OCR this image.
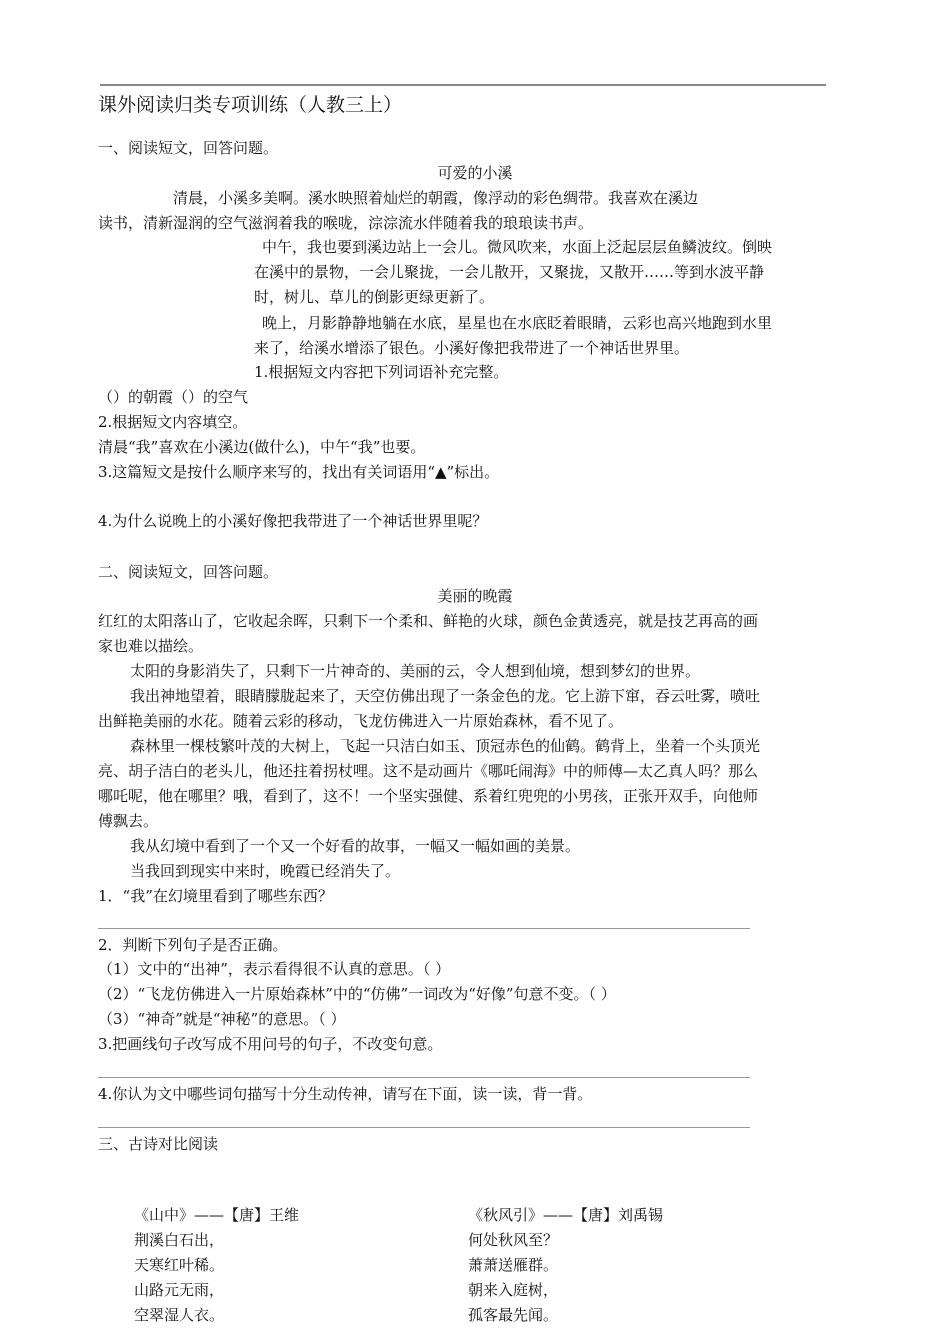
课外阅读归类专项训练（人教三上）
一、阅读短文，回答问题。
可爱的小溪
清晨，小溪多美啊。溪水映照着灿烂的朝霞，像浮动的彩色绸带。我喜欢在溪边
读书，清新湿润的空气滋润着我的喉咙，淙淙流水伴随着我的琅琅读书声。
中午，我也要到溪边站上一会儿。微风吹来，水面上泛起层层鱼鳞波纹。倒映
在溪中的景物，一会儿聚拢，一会儿散开，又聚拢，又散开……等到水波平静
时，树儿、草儿的倒影更绿更新了。
晚上，月影静静地躺在水底，星星也在水底眨着眼睛，云彩也高兴地跑到水里
来了，给溪水增添了银色。小溪好像把我带进了一个神话世界里。
1.根据短文内容把下列词语补充完整。
（）的朝霞（）的空气
2.根据短文内容填空。
清晨“我”喜欢在小溪边(做什么)，中午“我”也要。
3.这篇短文是按什么顺序来写的，找出有关词语用“▲”标出。
4.为什么说晚上的小溪好像把我带进了一个神话世界里呢？
二、阅读短文，回答问题。
美丽的晚霞
红红的太阳落山了，它收起余晖，只剩下一个柔和、鲜艳的火球，颜色金黄透亮，就是技艺再高的画
家也难以描绘。
太阳的身影消失了，只剩下一片神奇的、美丽的云，令人想到仙境，想到梦幻的世界。
我出神地望着，眼睛朦胧起来了，天空仿佛出现了一条金色的龙。它上游下窜，吞云吐雾，喷吐
出鲜艳美丽的水花。随着云彩的移动，飞龙仿佛进入一片原始森林，看不见了。
森林里一棵枝繁叶茂的大树上，飞起一只洁白如玉、顶冠赤色的仙鹤。鹤背上，坐着一个头顶光
亮、胡子洁白的老头儿，他还拄着拐杖哩。这不是动画片《哪吒闹海》中的师傅—太乙真人吗？那么
哪吒呢，他在哪里？哦，看到了，这不！一个坚实强健、系着红兜兜的小男孩，正张开双手，向他师
傅飘去。
我从幻境中看到了一个又一个好看的故事，一幅又一幅如画的美景。
当我回到现实中来时，晚霞已经消失了。
1．“我”在幻境里看到了哪些东西？
2．判断下列句子是否正确。
（1）文中的“出神”，表示看得很不认真的意思。（ ）
（2）“飞龙仿佛进入一片原始森林”中的“仿佛”一词改为“好像”句意不变。（ ）
（3）“神奇”就是“神秘”的意思。（ ）
3.把画线句子改写成不用问号的句子，不改变句意。
4.你认为文中哪些词句描写十分生动传神，请写在下面，读一读，背一背。
三、古诗对比阅读
《山中》——【唐】王维
荆溪白石出，
天寒红叶稀。
山路元无雨，
空翠湿人衣。
《秋风引》——【唐】刘禹锡
何处秋风至？
萧萧送雁群。
朝来入庭树，
孤客最先闻。
